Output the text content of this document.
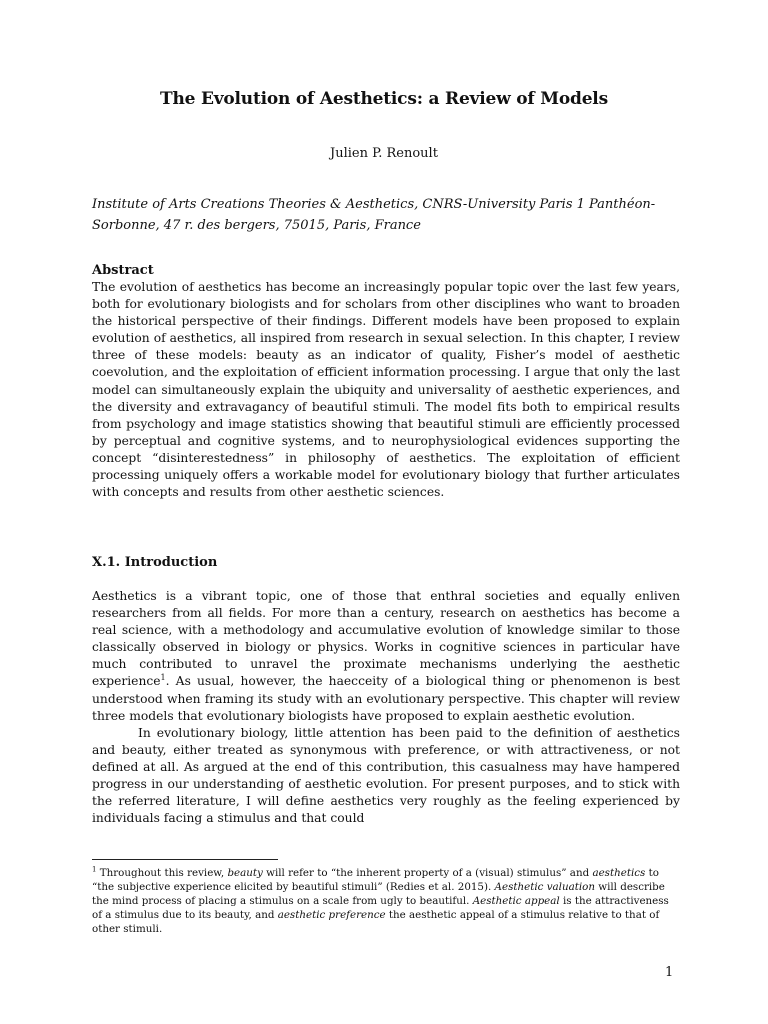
The Evolution of Aesthetics: a Review of Models
Julien P. Renoult
Institute of Arts Creations Theories & Aesthetics, CNRS-University Paris 1 Panthéon-Sorbonne, 47 r. des bergers, 75015, Paris, France
Abstract
The evolution of aesthetics has become an increasingly popular topic over the last few years, both for evolutionary biologists and for scholars from other disciplines who want to broaden the historical perspective of their findings. Different models have been proposed to explain evolution of aesthetics, all inspired from research in sexual selection. In this chapter, I review three of these models: beauty as an indicator of quality, Fisher’s model of aesthetic coevolution, and the exploitation of efficient information processing. I argue that only the last model can simultaneously explain the ubiquity and universality of aesthetic experiences, and the diversity and extravagancy of beautiful stimuli. The model fits both to empirical results from psychology and image statistics showing that beautiful stimuli are efficiently processed by perceptual and cognitive systems, and to neurophysiological evidences supporting the concept “disinterestedness” in philosophy of aesthetics. The exploitation of efficient processing uniquely offers a workable model for evolutionary biology that further articulates with concepts and results from other aesthetic sciences.
X.1. Introduction

Aesthetics is a vibrant topic, one of those that enthral societies and equally enliven researchers from all fields. For more than a century, research on aesthetics has become a real science, with a methodology and accumulative evolution of knowledge similar to those classically observed in biology or physics. Works in cognitive sciences in particular have much contributed to unravel the proximate mechanisms underlying the aesthetic experience$^1$. As usual, however, the haecceity of a biological thing or phenomenon is best understood when framing its study with an evolutionary perspective. This chapter will review three models that evolutionary biologists have proposed to explain aesthetic evolution.

In evolutionary biology, little attention has been paid to the definition of aesthetics and beauty, either treated as synonymous with preference, or with attractiveness, or not defined at all. As argued at the end of this contribution, this casualness may have hampered progress in our understanding of aesthetic evolution. For present purposes, and to stick with the referred literature, I will define aesthetics very roughly as the feeling experienced by individuals facing a stimulus and that could

$^1$ Throughout this review, beauty will refer to “the inherent property of a (visual) stimulus” and aesthetics to “the subjective experience elicited by beautiful stimuli” (Redies et al. 2015). Aesthetic valuation will describe the mind process of placing a stimulus on a scale from ugly to beautiful. Aesthetic appeal is the attractiveness of a stimulus due to its beauty, and aesthetic preference the aesthetic appeal of a stimulus relative to that of other stimuli.
1
